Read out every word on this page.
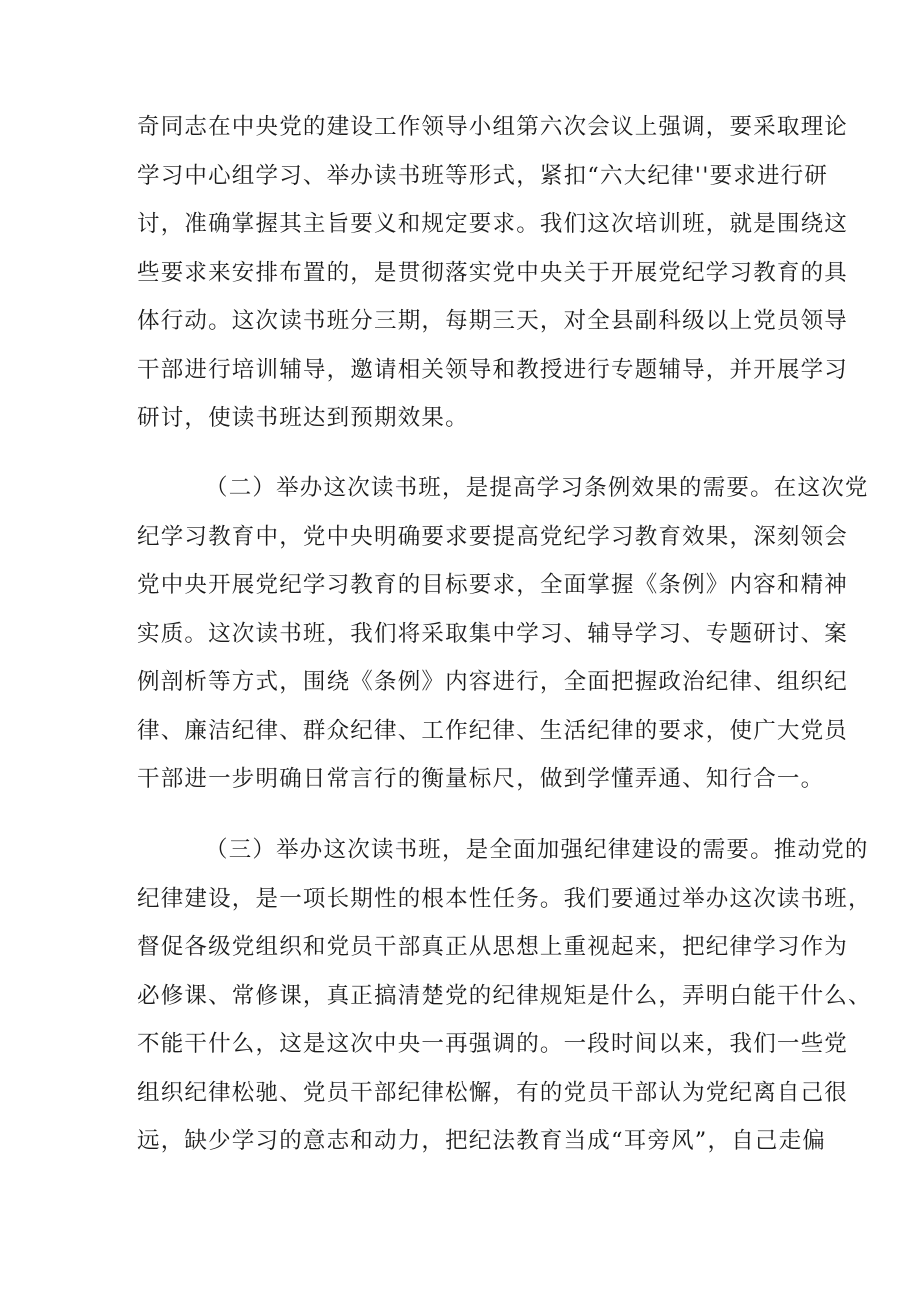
奇同志在中央党的建设工作领导小组第六次会议上强调，要采取理论
学习中心组学习、举办读书班等形式，紧扣“六大纪律''要求进行研
讨，准确掌握其主旨要义和规定要求。我们这次培训班，就是围绕这
些要求来安排布置的，是贯彻落实党中央关于开展党纪学习教育的具
体行动。这次读书班分三期，每期三天，对全县副科级以上党员领导
干部进行培训辅导，邀请相关领导和教授进行专题辅导，并开展学习
研讨，使读书班达到预期效果。
（二）举办这次读书班，是提高学习条例效果的需要。在这次党
纪学习教育中，党中央明确要求要提高党纪学习教育效果，深刻领会
党中央开展党纪学习教育的目标要求，全面掌握《条例》内容和精神
实质。这次读书班，我们将采取集中学习、辅导学习、专题研讨、案
例剖析等方式，围绕《条例》内容进行，全面把握政治纪律、组织纪
律、廉洁纪律、群众纪律、工作纪律、生活纪律的要求，使广大党员
干部进一步明确日常言行的衡量标尺，做到学懂弄通、知行合一。
（三）举办这次读书班，是全面加强纪律建设的需要。推动党的
纪律建设，是一项长期性的根本性任务。我们要通过举办这次读书班，
督促各级党组织和党员干部真正从思想上重视起来，把纪律学习作为
必修课、常修课，真正搞清楚党的纪律规矩是什么，弄明白能干什么、
不能干什么，这是这次中央一再强调的。一段时间以来，我们一些党
组织纪律松驰、党员干部纪律松懈，有的党员干部认为党纪离自己很
远，缺少学习的意志和动力，把纪法教育当成“耳旁风”，自己走偏
